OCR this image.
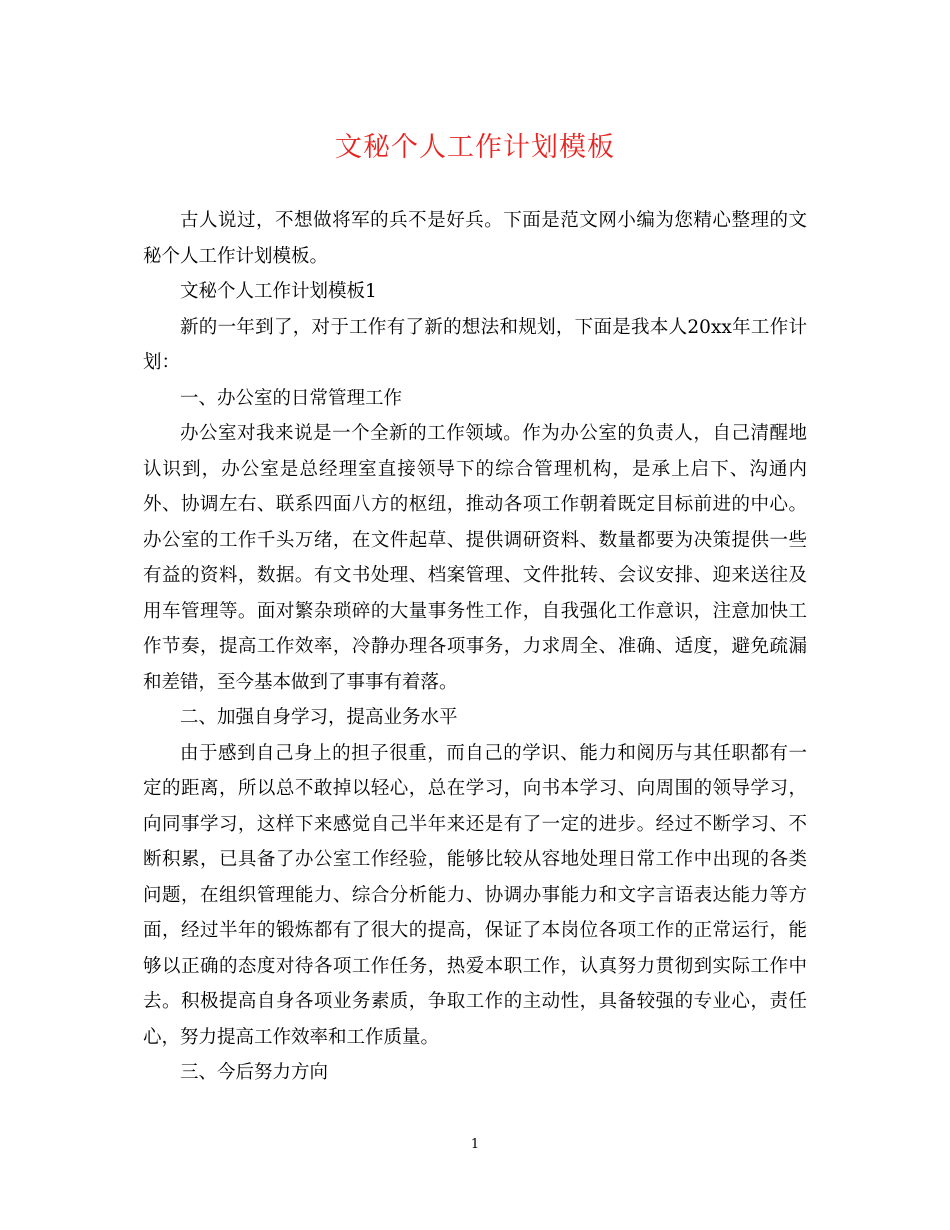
文秘个人工作计划模板

古人说过，不想做将军的兵不是好兵。下面是范文网小编为您精心整理的文秘个人工作计划模板。

文秘个人工作计划模板1

新的一年到了，对于工作有了新的想法和规划，下面是我本人20xx年工作计划：

一、办公室的日常管理工作

办公室对我来说是一个全新的工作领域。作为办公室的负责人，自己清醒地认识到，办公室是总经理室直接领导下的综合管理机构，是承上启下、沟通内外、协调左右、联系四面八方的枢纽，推动各项工作朝着既定目标前进的中心。办公室的工作千头万绪，在文件起草、提供调研资料、数量都要为决策提供一些有益的资料，数据。有文书处理、档案管理、文件批转、会议安排、迎来送往及用车管理等。面对繁杂琐碎的大量事务性工作，自我强化工作意识，注意加快工作节奏，提高工作效率，冷静办理各项事务，力求周全、准确、适度，避免疏漏和差错，至今基本做到了事事有着落。

二、加强自身学习，提高业务水平

由于感到自己身上的担子很重，而自己的学识、能力和阅历与其任职都有一定的距离，所以总不敢掉以轻心，总在学习，向书本学习、向周围的领导学习，向同事学习，这样下来感觉自己半年来还是有了一定的进步。经过不断学习、不断积累，已具备了办公室工作经验，能够比较从容地处理日常工作中出现的各类问题，在组织管理能力、综合分析能力、协调办事能力和文字言语表达能力等方面，经过半年的锻炼都有了很大的提高，保证了本岗位各项工作的正常运行，能够以正确的态度对待各项工作任务，热爱本职工作，认真努力贯彻到实际工作中去。积极提高自身各项业务素质，争取工作的主动性，具备较强的专业心，责任心，努力提高工作效率和工作质量。

三、今后努力方向

1
